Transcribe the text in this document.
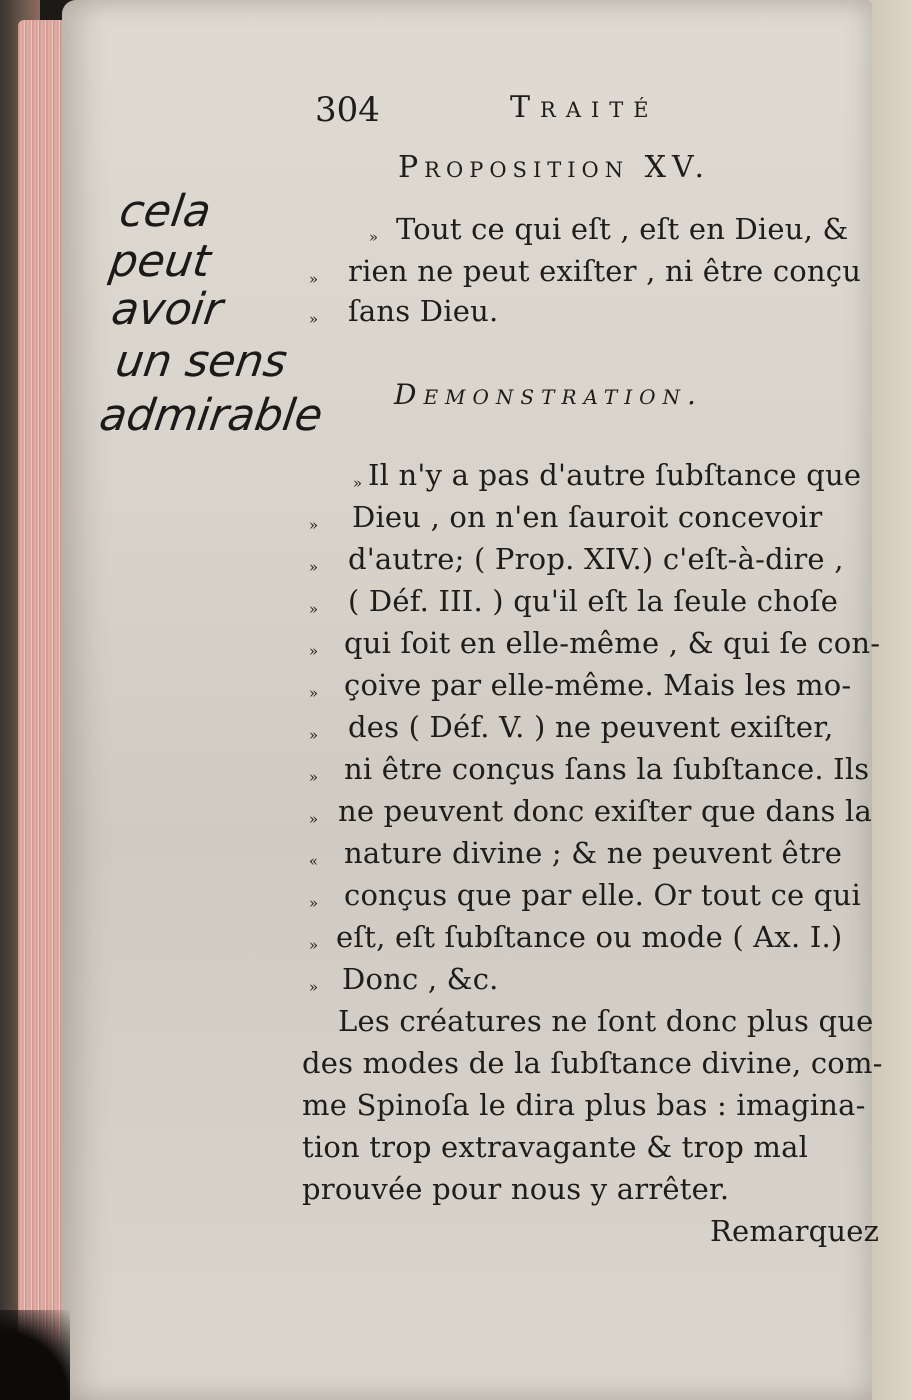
304	Traité
Proposition XV.
» Tout ce qui eſt , eſt en Dieu, &
» rien ne peut exiſter , ni être conçu
» ſans Dieu.
cela
peut
avoir
un sens
admirable Demonstration.
» Il n'y a pas d'autre ſubſtance que
» Dieu , on n'en ſauroit concevoir
» d'autre; ( Prop. XIV.) c'eſt-à-dire ,
» ( Déf. III. ) qu'il eſt la ſeule choſe
» qui ſoit en elle-même , & qui ſe con-
» çoive par elle-même. Mais les mo-
» des ( Déf. V. ) ne peuvent exiſter,
» ni être conçus ſans la ſubſtance. Ils
» ne peuvent donc exiſter que dans la
« nature divine ; & ne peuvent être
» conçus que par elle. Or tout ce qui
» eſt, eſt ſubſtance ou mode ( Ax. I.)
» Donc , &c.
Les créatures ne ſont donc plus que
des modes de la ſubſtance divine, com-
me Spinoſa le dira plus bas : imagina-
tion trop extravagante & trop mal
prouvée pour nous y arrêter.
Remarquez
